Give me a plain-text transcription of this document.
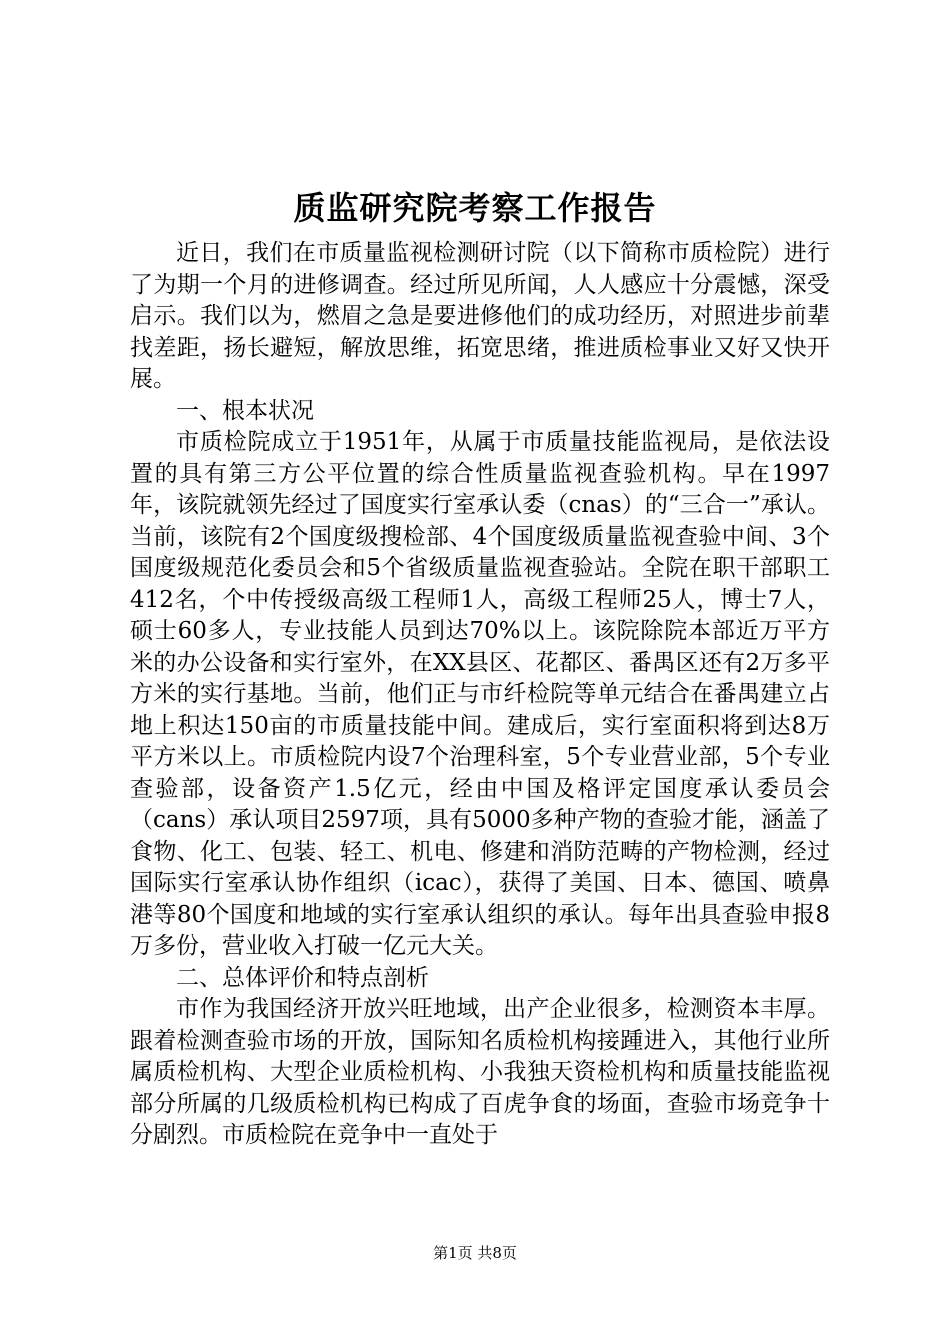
质监研究院考察工作报告

近日，我们在市质量监视检测研讨院（以下简称市质检院）进行了为期一个月的进修调查。经过所见所闻，人人感应十分震憾，深受启示。我们以为，燃眉之急是要进修他们的成功经历，对照进步前辈找差距，扬长避短，解放思维，拓宽思绪，推进质检事业又好又快开展。

一、根本状况

市质检院成立于1951年，从属于市质量技能监视局，是依法设置的具有第三方公平位置的综合性质量监视查验机构。早在1997年，该院就领先经过了国度实行室承认委（cnas）的“三合一”承认。当前，该院有2个国度级搜检部、4个国度级质量监视查验中间、3个国度级规范化委员会和5个省级质量监视查验站。全院在职干部职工412名，个中传授级高级工程师1人，高级工程师25人，博士7人，硕士60多人，专业技能人员到达70%以上。该院除院本部近万平方米的办公设备和实行室外，在XX县区、花都区、番禺区还有2万多平方米的实行基地。当前，他们正与市纤检院等单元结合在番禺建立占地上积达150亩的市质量技能中间。建成后，实行室面积将到达8万平方米以上。市质检院内设7个治理科室，5个专业营业部，5个专业查验部，设备资产1.5亿元，经由中国及格评定国度承认委员会（cans）承认项目2597项，具有5000多种产物的查验才能，涵盖了食物、化工、包装、轻工、机电、修建和消防范畴的产物检测，经过国际实行室承认协作组织（icac），获得了美国、日本、德国、喷鼻港等80个国度和地域的实行室承认组织的承认。每年出具查验申报8万多份，营业收入打破一亿元大关。

二、总体评价和特点剖析

市作为我国经济开放兴旺地域，出产企业很多，检测资本丰厚。跟着检测查验市场的开放，国际知名质检机构接踵进入，其他行业所属质检机构、大型企业质检机构、小我独天资检机构和质量技能监视部分所属的几级质检机构已构成了百虎争食的场面，查验市场竞争十分剧烈。市质检院在竞争中一直处于

第1页 共8页
